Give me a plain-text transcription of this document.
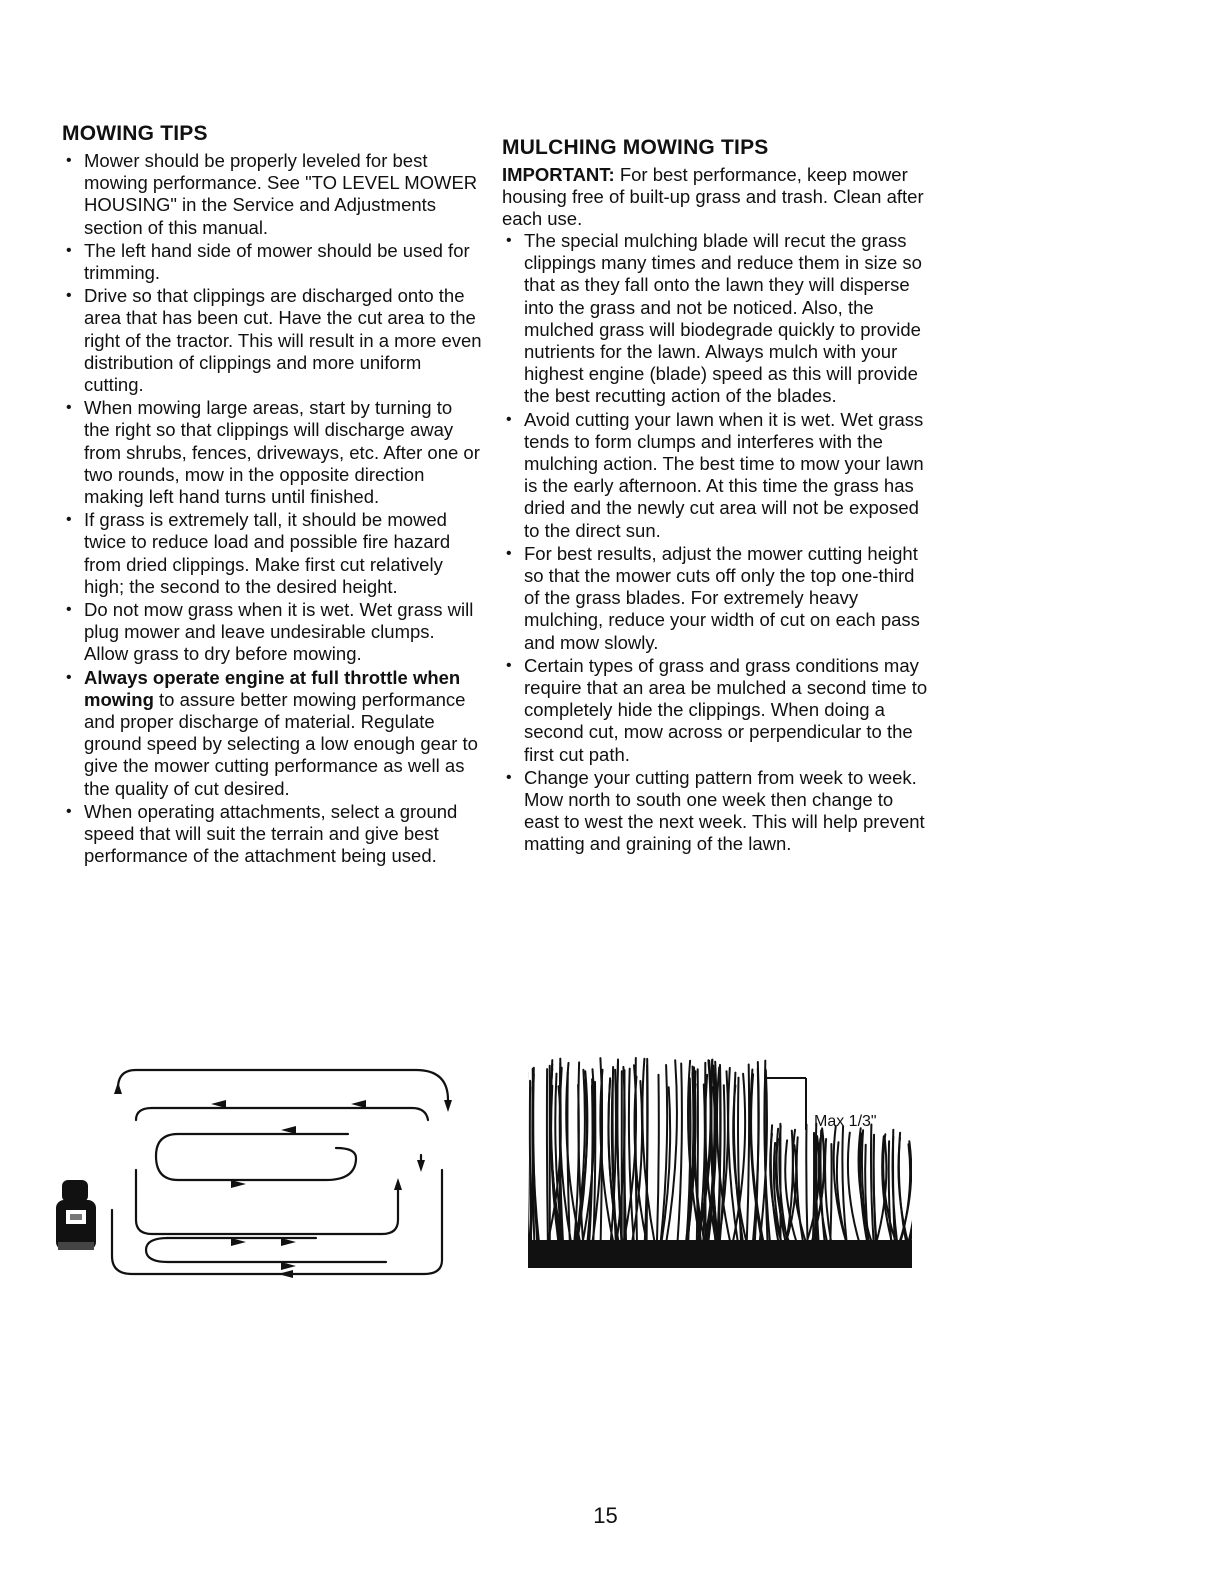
MOWING TIPS
• Mower should be properly leveled for best mowing performance. See "TO LEVEL MOWER HOUSING" in the Service and Adjustments section of this manual.
• The left hand side of mower should be used for trimming.
• Drive so that clippings are discharged onto the area that has been cut. Have the cut area to the right of the tractor. This will result in a more even distribution of clippings and more uniform cutting.
• When mowing large areas, start by turning to the right so that clippings will discharge away from shrubs, fences, driveways, etc. After one or two rounds, mow in the opposite direction making left hand turns until finished.
• If grass is extremely tall, it should be mowed twice to reduce load and possible fire hazard from dried clippings. Make first cut relatively high; the second to the desired height.
• Do not mow grass when it is wet. Wet grass will plug mower and leave undesirable clumps. Allow grass to dry before mowing.
• Always operate engine at full throttle when mowing to assure better mowing performance and proper discharge of material. Regulate ground speed by selecting a low enough gear to give the mower cutting performance as well as the quality of cut desired.
• When operating attachments, select a ground speed that will suit the terrain and give best performance of the attachment being used.
MULCHING MOWING TIPS

IMPORTANT: For best performance, keep mower housing free of built-up grass and trash. Clean after each use.

• The special mulching blade will recut the grass clippings many times and reduce them in size so that as they fall onto the lawn they will disperse into the grass and not be noticed. Also, the mulched grass will biodegrade quickly to provide nutrients for the lawn. Always mulch with your highest engine (blade) speed as this will provide the best recutting action of the blades.
• Avoid cutting your lawn when it is wet. Wet grass tends to form clumps and interferes with the mulching action. The best time to mow your lawn is the early afternoon. At this time the grass has dried and the newly cut area will not be exposed to the direct sun.
• For best results, adjust the mower cutting height so that the mower cuts off only the top one-third of the grass blades. For extremely heavy mulching, reduce your width of cut on each pass and mow slowly.
• Certain types of grass and grass conditions may require that an area be mulched a second time to completely hide the clippings. When doing a second cut, mow across or perpendicular to the first cut path.
• Change your cutting pattern from week to week. Mow north to south one week then change to east to west the next week. This will help prevent matting and graining of the lawn.
Max 1/3"
15
